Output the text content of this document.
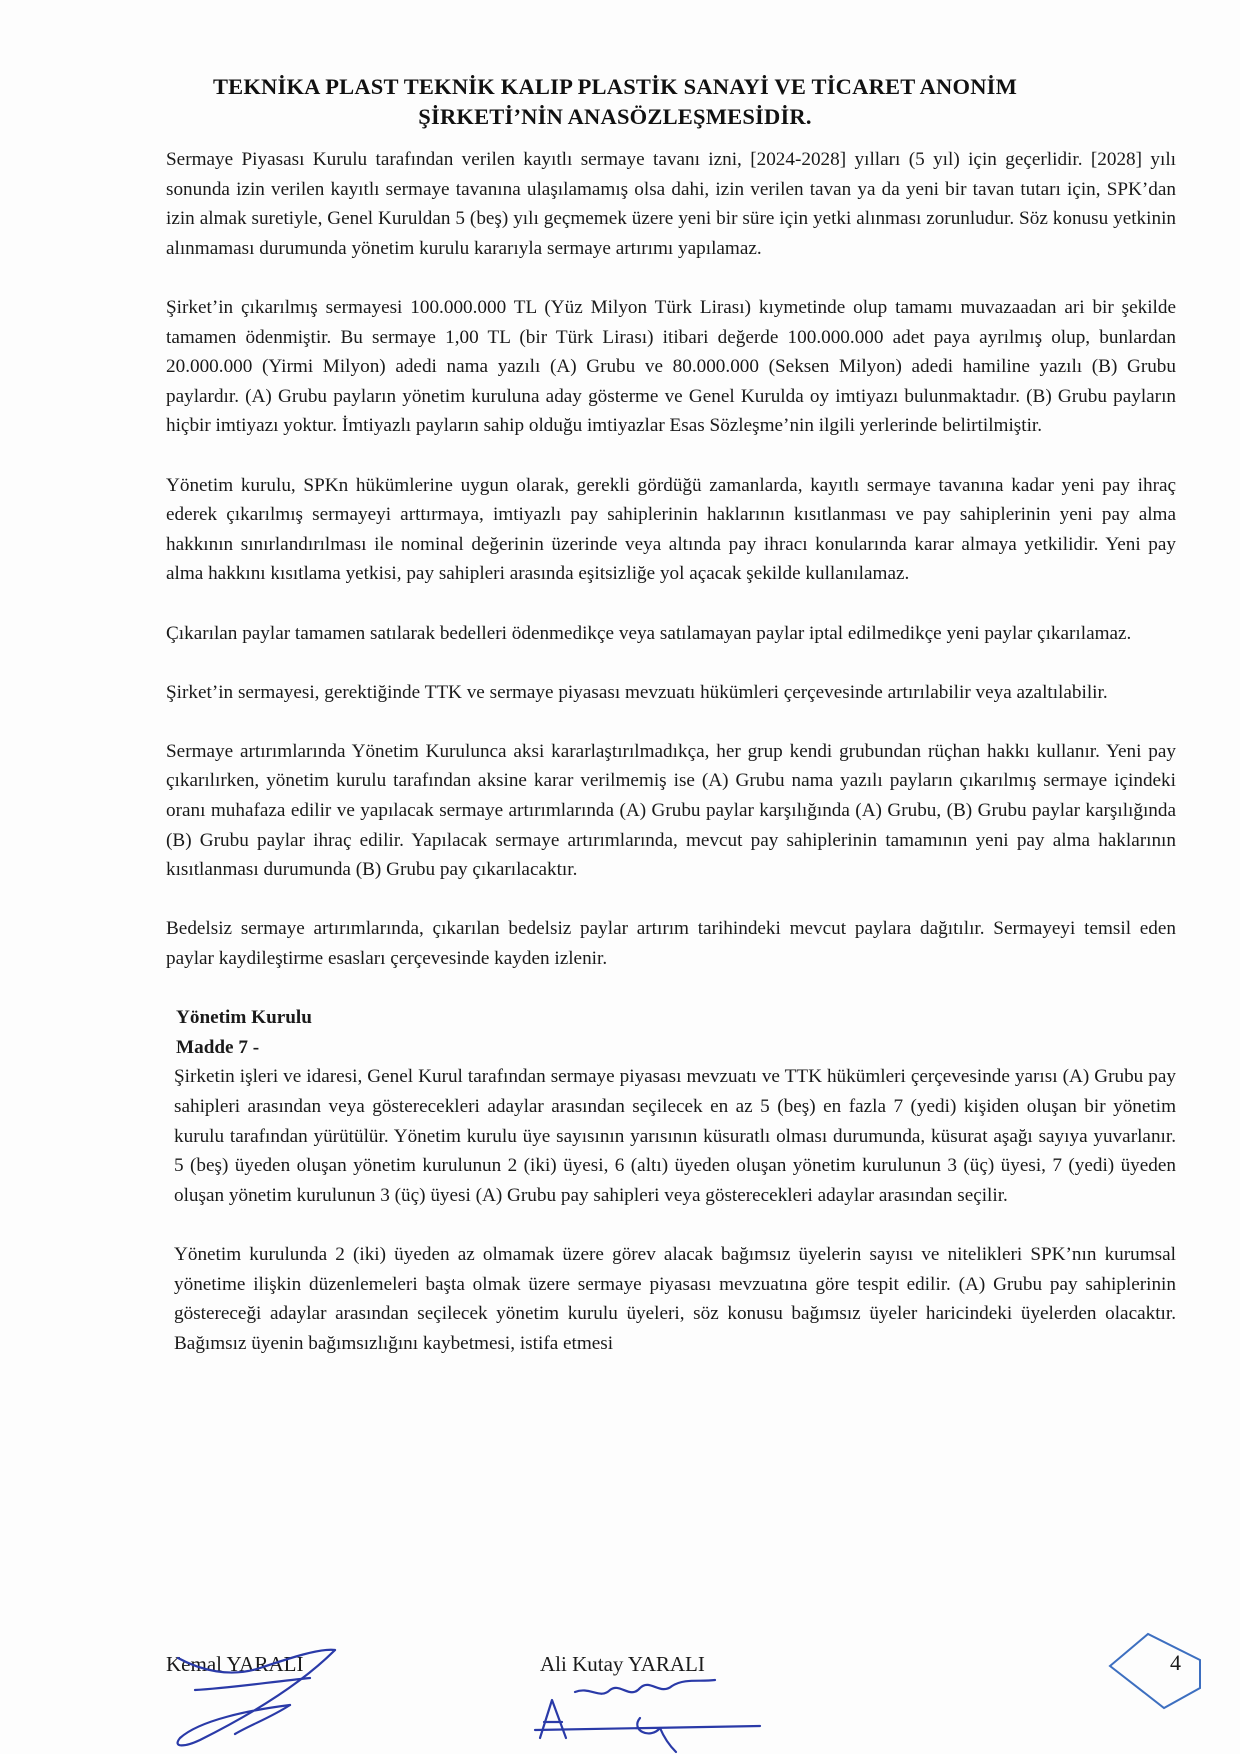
TEKNİKA PLAST TEKNİK KALIP PLASTİK SANAYİ VE TİCARET ANONİM
ŞİRKETİ’NİN ANASÖZLEŞMESİDİR.

Sermaye Piyasası Kurulu tarafından verilen kayıtlı sermaye tavanı izni, [2024-2028] yılları (5 yıl) için geçerlidir. [2028] yılı sonunda izin verilen kayıtlı sermaye tavanına ulaşılamamış olsa dahi, izin verilen tavan ya da yeni bir tavan tutarı için, SPK’dan izin almak suretiyle, Genel Kuruldan 5 (beş) yılı geçmemek üzere yeni bir süre için yetki alınması zorunludur. Söz konusu yetkinin alınmaması durumunda yönetim kurulu kararıyla sermaye artırımı yapılamaz.

Şirket’in çıkarılmış sermayesi 100.000.000 TL (Yüz Milyon Türk Lirası) kıymetinde olup tamamı muvazaadan ari bir şekilde tamamen ödenmiştir. Bu sermaye 1,00 TL (bir Türk Lirası) itibari değerde 100.000.000 adet paya ayrılmış olup, bunlardan 20.000.000 (Yirmi Milyon) adedi nama yazılı (A) Grubu ve 80.000.000 (Seksen Milyon) adedi hamiline yazılı (B) Grubu paylardır. (A) Grubu payların yönetim kuruluna aday gösterme ve Genel Kurulda oy imtiyazı bulunmaktadır. (B) Grubu payların hiçbir imtiyazı yoktur. İmtiyazlı payların sahip olduğu imtiyazlar Esas Sözleşme’nin ilgili yerlerinde belirtilmiştir.

Yönetim kurulu, SPKn hükümlerine uygun olarak, gerekli gördüğü zamanlarda, kayıtlı sermaye tavanına kadar yeni pay ihraç ederek çıkarılmış sermayeyi arttırmaya, imtiyazlı pay sahiplerinin haklarının kısıtlanması ve pay sahiplerinin yeni pay alma hakkının sınırlandırılması ile nominal değerinin üzerinde veya altında pay ihracı konularında karar almaya yetkilidir. Yeni pay alma hakkını kısıtlama yetkisi, pay sahipleri arasında eşitsizliğe yol açacak şekilde kullanılamaz.

Çıkarılan paylar tamamen satılarak bedelleri ödenmedikçe veya satılamayan paylar iptal edilmedikçe yeni paylar çıkarılamaz.

Şirket’in sermayesi, gerektiğinde TTK ve sermaye piyasası mevzuatı hükümleri çerçevesinde artırılabilir veya azaltılabilir.

Sermaye artırımlarında Yönetim Kurulunca aksi kararlaştırılmadıkça, her grup kendi grubundan rüçhan hakkı kullanır. Yeni pay çıkarılırken, yönetim kurulu tarafından aksine karar verilmemiş ise (A) Grubu nama yazılı payların çıkarılmış sermaye içindeki oranı muhafaza edilir ve yapılacak sermaye artırımlarında (A) Grubu paylar karşılığında (A) Grubu, (B) Grubu paylar karşılığında (B) Grubu paylar ihraç edilir. Yapılacak sermaye artırımlarında, mevcut pay sahiplerinin tamamının yeni pay alma haklarının kısıtlanması durumunda (B) Grubu pay çıkarılacaktır.

Bedelsiz sermaye artırımlarında, çıkarılan bedelsiz paylar artırım tarihindeki mevcut paylara dağıtılır. Sermayeyi temsil eden paylar kaydileştirme esasları çerçevesinde kayden izlenir.

Yönetim Kurulu

Madde 7 -

Şirketin işleri ve idaresi, Genel Kurul tarafından sermaye piyasası mevzuatı ve TTK hükümleri çerçevesinde yarısı (A) Grubu pay sahipleri arasından veya gösterecekleri adaylar arasından seçilecek en az 5 (beş) en fazla 7 (yedi) kişiden oluşan bir yönetim kurulu tarafından yürütülür. Yönetim kurulu üye sayısının yarısının küsuratlı olması durumunda, küsurat aşağı sayıya yuvarlanır. 5 (beş) üyeden oluşan yönetim kurulunun 2 (iki) üyesi, 6 (altı) üyeden oluşan yönetim kurulunun 3 (üç) üyesi, 7 (yedi) üyeden oluşan yönetim kurulunun 3 (üç) üyesi (A) Grubu pay sahipleri veya gösterecekleri adaylar arasından seçilir.

Yönetim kurulunda 2 (iki) üyeden az olmamak üzere görev alacak bağımsız üyelerin sayısı ve nitelikleri SPK’nın kurumsal yönetime ilişkin düzenlemeleri başta olmak üzere sermaye piyasası mevzuatına göre tespit edilir. (A) Grubu pay sahiplerinin göstereceği adaylar arasından seçilecek yönetim kurulu üyeleri, söz konusu bağımsız üyeler haricindeki üyelerden olacaktır. Bağımsız üyenin bağımsızlığını kaybetmesi, istifa etmesi

Kemal YARALI	Ali Kutay YARALI	4
